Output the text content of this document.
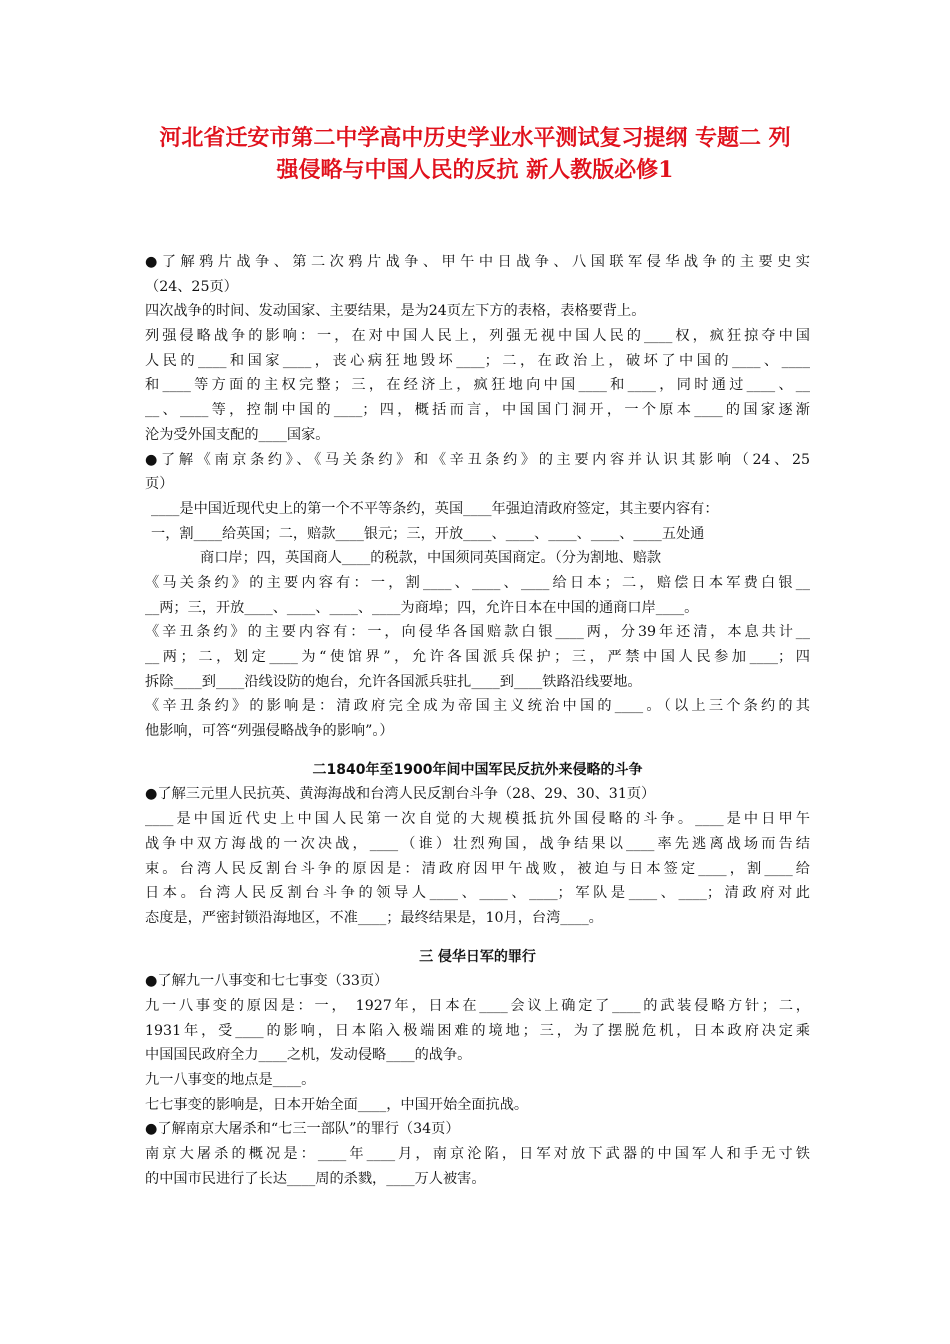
河北省迁安市第二中学高中历史学业水平测试复习提纲 专题二 列
强侵略与中国人民的反抗 新人教版必修1
●了解鸦片战争、第二次鸦片战争、甲午中日战争、八国联军侵华战争的主要史实
（24、25页）
四次战争的时间、发动国家、主要结果，是为24页左下方的表格，表格要背上。
列强侵略战争的影响：一，在对中国人民上，列强无视中国人民的____权，疯狂掠夺中国
人民的____和国家____，丧心病狂地毁坏____；二，在政治上，破坏了中国的____、____
和____等方面的主权完整；三，在经济上，疯狂地向中国____和____，同时通过____、__
__、____等，控制中国的____；四，概括而言，中国国门洞开，一个原本____的国家逐渐
沦为受外国支配的____国家。
●了解《南京条约》、《马关条约》和《辛丑条约》的主要内容并认识其影响（24、25
页）
____是中国近现代史上的第一个不平等条约，英国____年强迫清政府签定，其主要内容有：
一，割____给英国；二，赔款____银元；三，开放____、____、____、____、____五处通
商口岸；四，英国商人____的税款，中国须同英国商定。（分为割地、赔款
《马关条约》的主要内容有：一，割____、____、____给日本；二，赔偿日本军费白银__
__两；三，开放____、____、____、____为商埠；四，允许日本在中国的通商口岸____。
《辛丑条约》的主要内容有：一，向侵华各国赔款白银____两，分39年还清，本息共计__
__两；二，划定____为“使馆界”，允许各国派兵保护；三，严禁中国人民参加____；四
拆除____到____沿线设防的炮台，允许各国派兵驻扎____到____铁路沿线要地。
《辛丑条约》的影响是：清政府完全成为帝国主义统治中国的____。（以上三个条约的其
他影响，可答“列强侵略战争的影响”。）
二1840年至1900年间中国军民反抗外来侵略的斗争
●了解三元里人民抗英、黄海海战和台湾人民反割台斗争（28、29、30、31页）
____是中国近代史上中国人民第一次自觉的大规模抵抗外国侵略的斗争。____是中日甲午
战争中双方海战的一次决战，____（谁）壮烈殉国，战争结果以____率先逃离战场而告结
束。台湾人民反割台斗争的原因是：清政府因甲午战败，被迫与日本签定____，割____给
日本。台湾人民反割台斗争的领导人____、____、____；军队是____、____；清政府对此
态度是，严密封锁沿海地区，不准____；最终结果是，10月，台湾____。
三 侵华日军的罪行
●了解九一八事变和七七事变（33页）
九一八事变的原因是：一， 1927年，日本在____会议上确定了____的武装侵略方针；二，
1931年，受____的影响，日本陷入极端困难的境地；三，为了摆脱危机，日本政府决定乘
中国国民政府全力____之机，发动侵略____的战争。
九一八事变的地点是____。
七七事变的影响是，日本开始全面____，中国开始全面抗战。
●了解南京大屠杀和“七三一部队”的罪行（34页）
南京大屠杀的概况是：____年____月，南京沦陷，日军对放下武器的中国军人和手无寸铁
的中国市民进行了长达____周的杀戮，____万人被害。
